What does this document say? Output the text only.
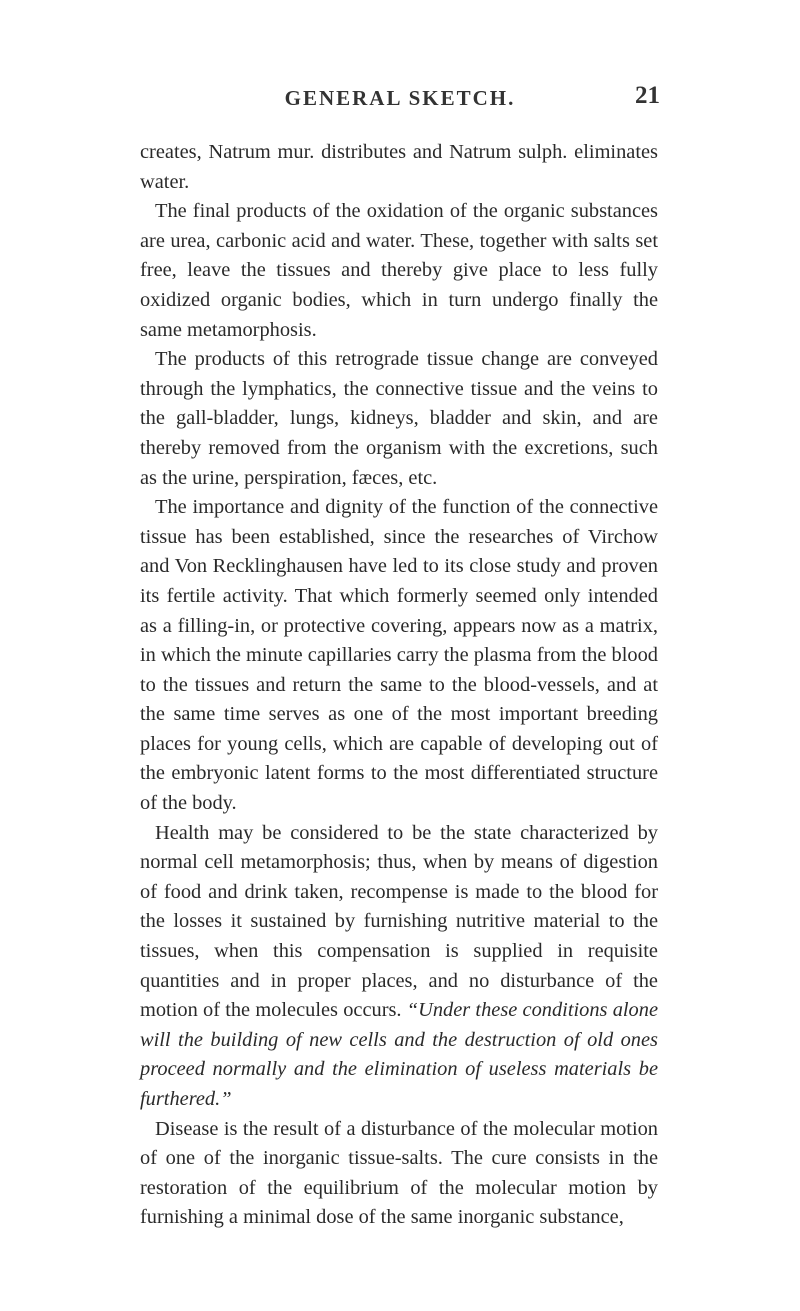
GENERAL SKETCH.	21

creates, Natrum mur. distributes and Natrum sulph. eliminates water.

The final products of the oxidation of the organic substances are urea, carbonic acid and water. These, together with salts set free, leave the tissues and thereby give place to less fully oxidized organic bodies, which in turn undergo finally the same metamorphosis.

The products of this retrograde tissue change are conveyed through the lymphatics, the connective tissue and the veins to the gall-bladder, lungs, kidneys, bladder and skin, and are thereby removed from the organism with the excretions, such as the urine, perspiration, fæces, etc.

The importance and dignity of the function of the connective tissue has been established, since the researches of Virchow and Von Recklinghausen have led to its close study and proven its fertile activity. That which formerly seemed only intended as a filling-in, or protective covering, appears now as a matrix, in which the minute capillaries carry the plasma from the blood to the tissues and return the same to the blood-vessels, and at the same time serves as one of the most important breeding places for young cells, which are capable of developing out of the embryonic latent forms to the most differentiated structure of the body.

Health may be considered to be the state characterized by normal cell metamorphosis; thus, when by means of digestion of food and drink taken, recompense is made to the blood for the losses it sustained by furnishing nutritive material to the tissues, when this compensation is supplied in requisite quantities and in proper places, and no disturbance of the motion of the molecules occurs. “Under these conditions alone will the building of new cells and the destruction of old ones proceed normally and the elimination of useless materials be furthered.”

Disease is the result of a disturbance of the molecular motion of one of the inorganic tissue-salts. The cure consists in the restoration of the equilibrium of the molecular motion by furnishing a minimal dose of the same inorganic substance,
